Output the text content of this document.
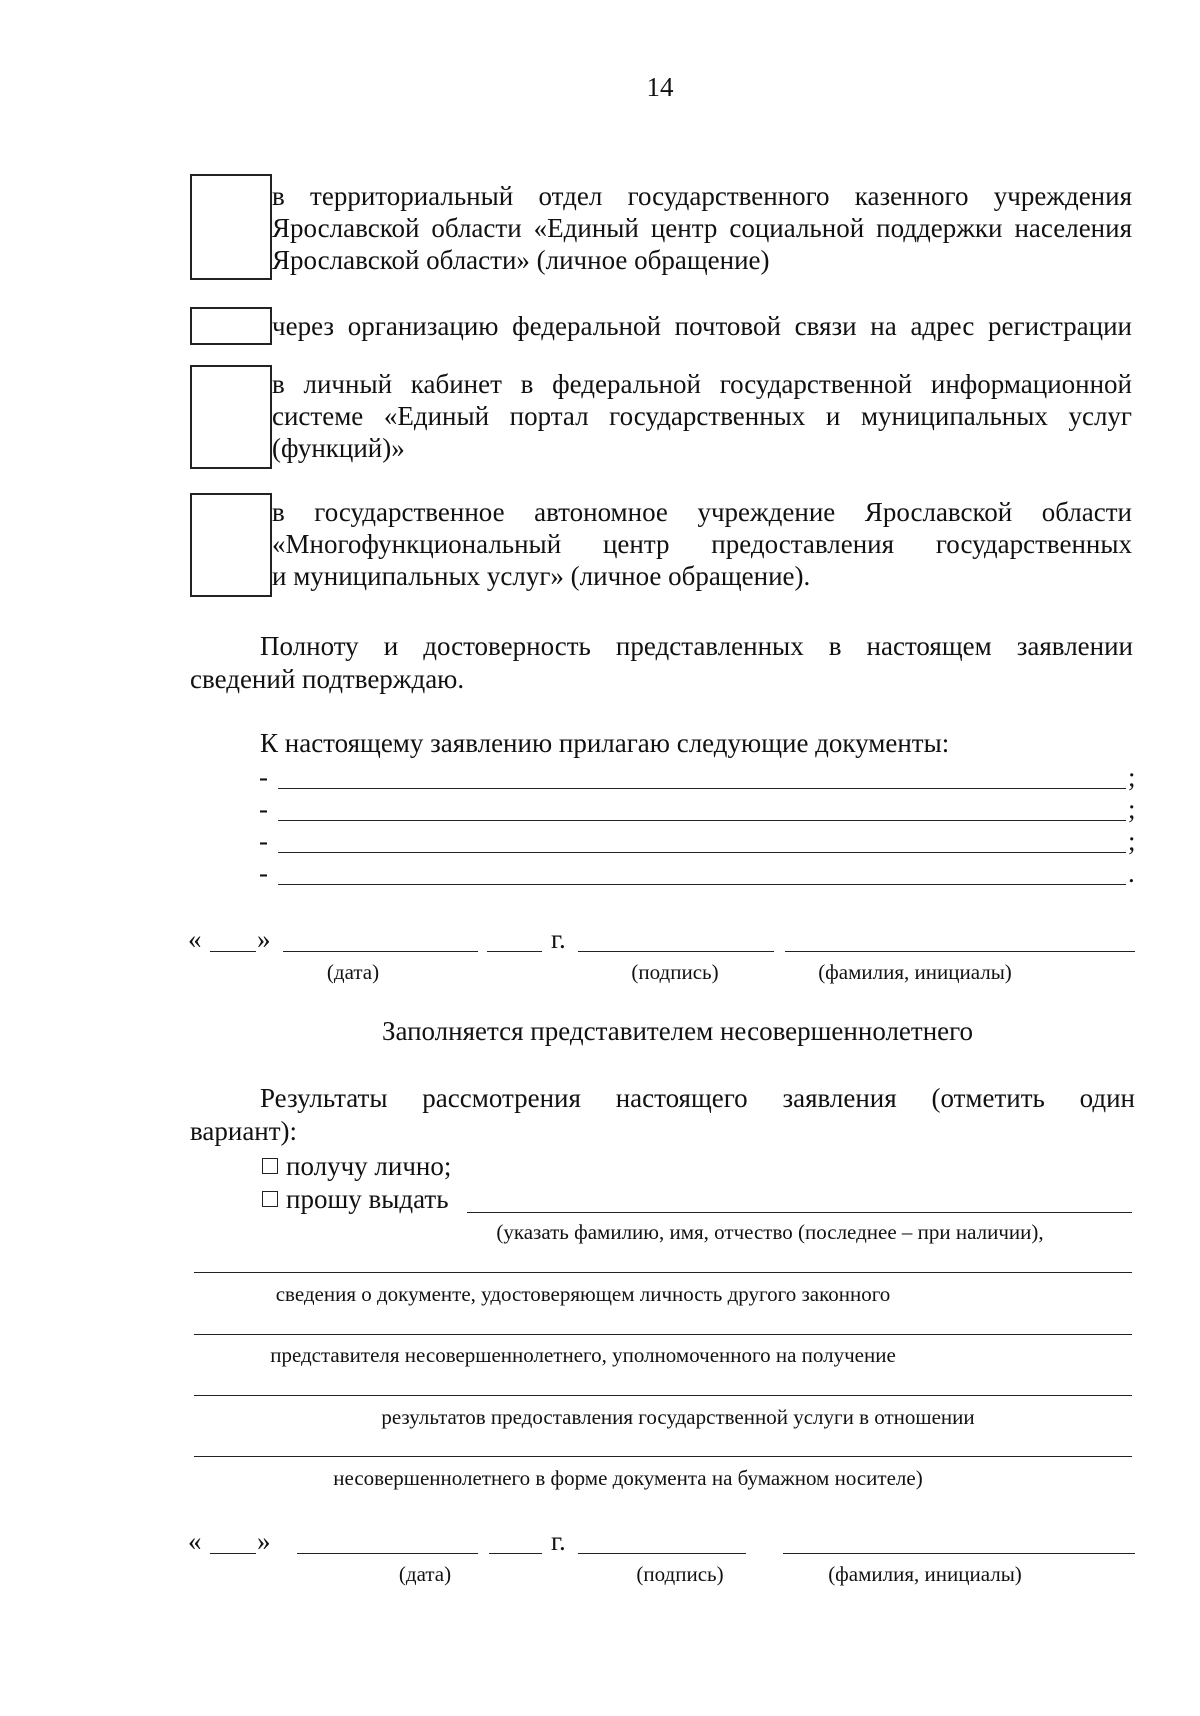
14
в территориальный отдел государственного казенного учреждения
Ярославской области «Единый центр социальной поддержки населения
Ярославской области» (личное обращение)
через организацию федеральной почтовой связи на адрес регистрации
в личный кабинет в федеральной государственной информационной
системе «Единый портал государственных и муниципальных услуг
(функций)»
в государственное автономное учреждение Ярославской области
«Многофункциональный центр предоставления государственных
и муниципальных услуг» (личное обращение).
Полноту и достоверность представленных в настоящем заявлении
сведений подтверждаю.
К настоящему заявлению прилагаю следующие документы:
-	;
-	;
-	;
-	.
« »	г.
(дата)	(подпись)	(фамилия, инициалы)
Заполняется представителем несовершеннолетнего
Результаты рассмотрения настоящего заявления (отметить один
вариант):
получу лично;
прошу выдать
(указать фамилию, имя, отчество (последнее – при наличии),
сведения о документе, удостоверяющем личность другого законного
представителя несовершеннолетнего, уполномоченного на получение
результатов предоставления государственной услуги в отношении
несовершеннолетнего в форме документа на бумажном носителе)
« »	г.
(дата)	(подпись)	(фамилия, инициалы)
